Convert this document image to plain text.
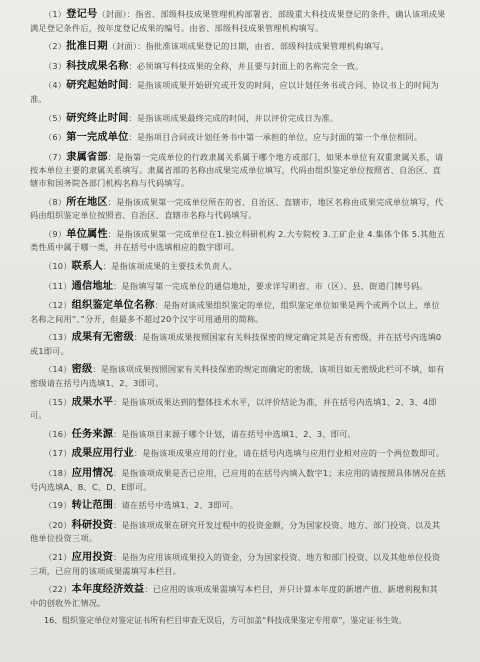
（1）登记号（封面）：指省、部级科技成果管理机构部署省、部级重大科技成果登记的条件，确认该项成果满足登记条件后，按年度登记成果的编号。由省、部级科技成果管理机构填写。
（2）批准日期（封面）：指批准该项成果登记的日期，由省、部级科技成果管理机构填写。
（3）科技成果名称：必须填写科技成果的全称，并且要与封面上的名称完全一致。
（4）研究起始时间：是指该项成果开始研究或开发的时间，应以计划任务书或合同、协议书上的时间为准。
（5）研究终止时间：是指该项成果最终完成的时间，并以评价完成日为准。
（6）第一完成单位：是指项目合同或计划任务书中第一承担的单位，应与封面的第一个单位相同。
（7）隶属省部：是指第一完成单位的行政隶属关系属于哪个地方或部门，如果本单位有双重隶属关系，请按本单位主要的隶属关系填写。隶属省部的名称由成果完成单位填写，代码由组织鉴定单位按照省、自治区、直辖市和国务院各部门机构名称与代码填写。
（8）所在地区：是指该成果第一完成单位所在的省、自治区、直辖市，地区名称由成果完成单位填写，代码由组织鉴定单位按照省、自治区、直辖市名称与代码填写。
（9）单位属性：是指该成果第一完成单位在1.独立科研机构 2.大专院校 3.工矿企业 4.集体个体 5.其他五类性质中属于哪一类，并在括号中选填相应的数字即可。
（10）联系人：是指该项成果的主要技术负责人。
（11）通信地址：是指填写第一完成单位的通信地址，要求详写明省、市（区）、县、街道门牌号码。
（12）组织鉴定单位名称：是指对该成果组织鉴定的单位，组织鉴定单位如果是两个或两个以上，单位名称之间用“、”分开，但最多不超过20个汉字可用通用的简称。
（13）成果有无密级：是指该项成果按照国家有关科技保密的规定确定其是否有密级，并在括号内选填0或1即可。
（14）密级：是指该项成果按照国家有关科技保密的规定而确定的密级，该项目如无密级此栏可不填，如有密级请在括号内选填1、2、3即可。
（15）成果水平：是指该项成果达到的整体技术水平，以评价结论为准，并在括号内选填1、2、3、4即可。
（16）任务来源：是指该项目来源于哪个计划，请在括号中选填1、2、3、即可。
（17）成果应用行业：是指该项成果应用的行业，请在括号内选填与应用行业相对应的一个两位数即可。
（18）应用情况：是指该项成果是否已应用，已应用的在括号内填入数字1；未应用的请按照具体情况在括号内选填A、B、C、D、E即可。
（19）转让范围：请在括号中选填1、2、3即可。
（20）科研投资：是指该项成果在研究开发过程中的投资金额，分为国家投资、地方、部门投资、以及其他单位投资三项。
（21）应用投资：是指为应用该项成果投入的资金，分为国家投资、地方和部门投资、以及其他单位投资三项，已应用的该项成果需填写本栏目。
（22）本年度经济效益：已应用的该项成果需填写本栏目，并只计算本年度的新增产值、新增利税和其中的创收外汇情况。
16、组织鉴定单位对鉴定证书所有栏目审查无误后，方可加盖“科技成果鉴定专用章”，鉴定证书生效。
